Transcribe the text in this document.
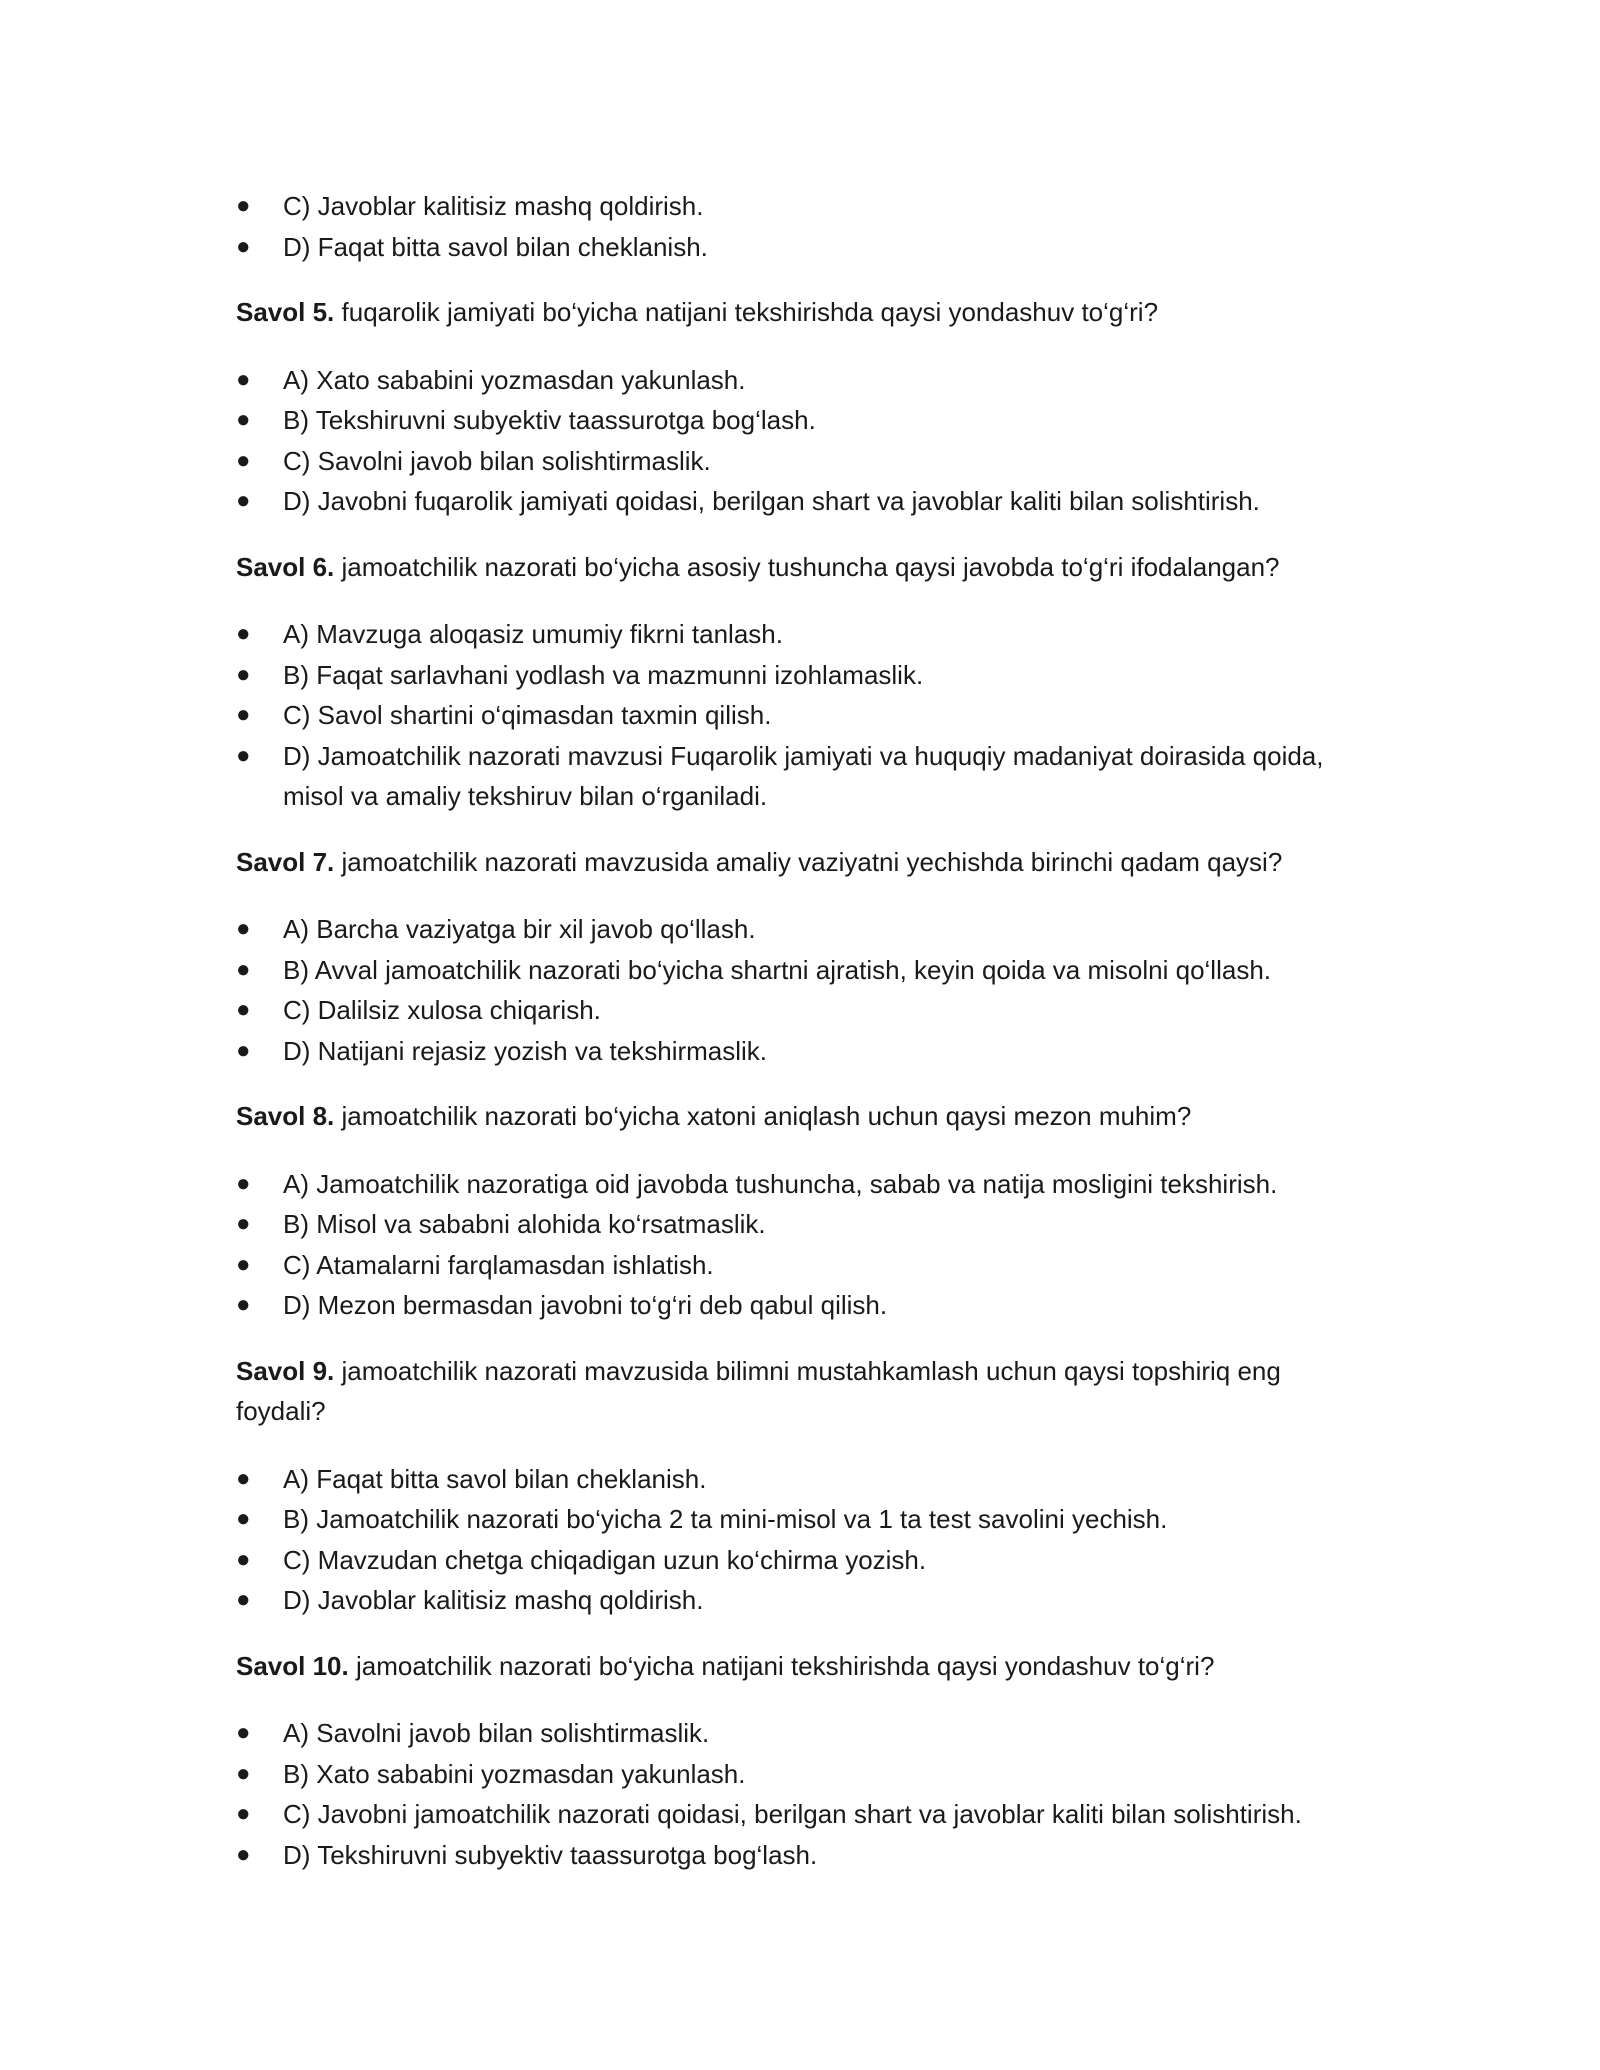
● C) Javoblar kalitisiz mashq qoldirish.
● D) Faqat bitta savol bilan cheklanish.
Savol 5. fuqarolik jamiyati bo‘yicha natijani tekshirishda qaysi yondashuv to‘g‘ri?
● A) Xato sababini yozmasdan yakunlash.
● B) Tekshiruvni subyektiv taassurotga bog‘lash.
● C) Savolni javob bilan solishtirmaslik.
● D) Javobni fuqarolik jamiyati qoidasi, berilgan shart va javoblar kaliti bilan solishtirish.
Savol 6. jamoatchilik nazorati bo‘yicha asosiy tushuncha qaysi javobda to‘g‘ri ifodalangan?
● A) Mavzuga aloqasiz umumiy fikrni tanlash.
● B) Faqat sarlavhani yodlash va mazmunni izohlamaslik.
● C) Savol shartini o‘qimasdan taxmin qilish.
● D) Jamoatchilik nazorati mavzusi Fuqarolik jamiyati va huquqiy madaniyat doirasida qoida, misol va amaliy tekshiruv bilan o‘rganiladi.
Savol 7. jamoatchilik nazorati mavzusida amaliy vaziyatni yechishda birinchi qadam qaysi?
● A) Barcha vaziyatga bir xil javob qo‘llash.
● B) Avval jamoatchilik nazorati bo‘yicha shartni ajratish, keyin qoida va misolni qo‘llash.
● C) Dalilsiz xulosa chiqarish.
● D) Natijani rejasiz yozish va tekshirmaslik.
Savol 8. jamoatchilik nazorati bo‘yicha xatoni aniqlash uchun qaysi mezon muhim?
● A) Jamoatchilik nazoratiga oid javobda tushuncha, sabab va natija mosligini tekshirish.
● B) Misol va sababni alohida ko‘rsatmaslik.
● C) Atamalarni farqlamasdan ishlatish.
● D) Mezon bermasdan javobni to‘g‘ri deb qabul qilish.
Savol 9. jamoatchilik nazorati mavzusida bilimni mustahkamlash uchun qaysi topshiriq eng foydali?
● A) Faqat bitta savol bilan cheklanish.
● B) Jamoatchilik nazorati bo‘yicha 2 ta mini-misol va 1 ta test savolini yechish.
● C) Mavzudan chetga chiqadigan uzun ko‘chirma yozish.
● D) Javoblar kalitisiz mashq qoldirish.
Savol 10. jamoatchilik nazorati bo‘yicha natijani tekshirishda qaysi yondashuv to‘g‘ri?
● A) Savolni javob bilan solishtirmaslik.
● B) Xato sababini yozmasdan yakunlash.
● C) Javobni jamoatchilik nazorati qoidasi, berilgan shart va javoblar kaliti bilan solishtirish.
● D) Tekshiruvni subyektiv taassurotga bog‘lash.
